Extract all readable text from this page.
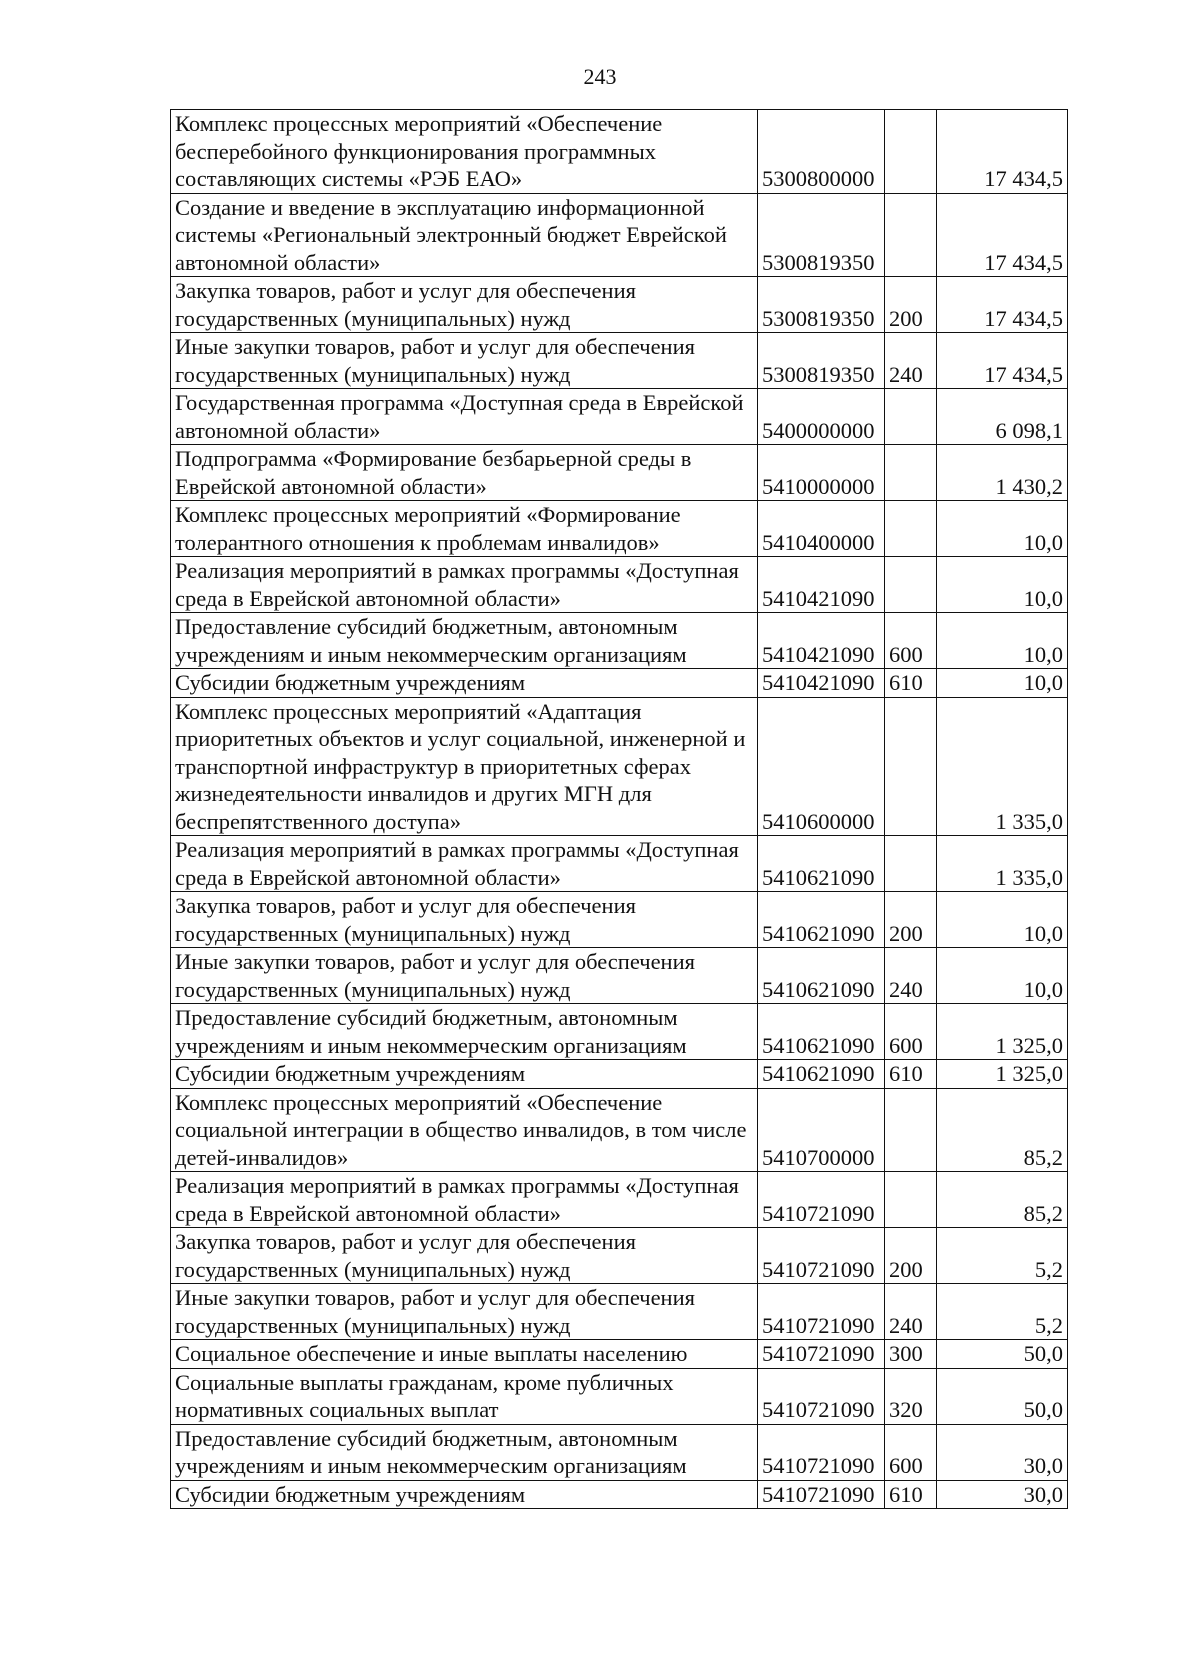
243
Комплекс процессных мероприятий «Обеспечение бесперебойного функционирования программных составляющих системы «РЭБ ЕАО»	5300800000		17 434,5
Создание и введение в эксплуатацию информационной системы «Региональный электронный бюджет Еврейской автономной области»	5300819350		17 434,5
Закупка товаров, работ и услуг для обеспечения государственных (муниципальных) нужд	5300819350	200	17 434,5
Иные закупки товаров, работ и услуг для обеспечения государственных (муниципальных) нужд	5300819350	240	17 434,5
Государственная программа «Доступная среда в Еврейской автономной области»	5400000000		6 098,1
Подпрограмма «Формирование безбарьерной среды в Еврейской автономной области»	5410000000		1 430,2
Комплекс процессных мероприятий «Формирование толерантного отношения к проблемам инвалидов»	5410400000		10,0
Реализация мероприятий в рамках программы «Доступная среда в Еврейской автономной области»	5410421090		10,0
Предоставление субсидий бюджетным, автономным учреждениям и иным некоммерческим организациям	5410421090	600	10,0
Субсидии бюджетным учреждениям	5410421090	610	10,0
Комплекс процессных мероприятий «Адаптация приоритетных объектов и услуг социальной, инженерной и транспортной инфраструктур в приоритетных сферах жизнедеятельности инвалидов и других МГН для беспрепятственного доступа»	5410600000		1 335,0
Реализация мероприятий в рамках программы «Доступная среда в Еврейской автономной области»	5410621090		1 335,0
Закупка товаров, работ и услуг для обеспечения государственных (муниципальных) нужд	5410621090	200	10,0
Иные закупки товаров, работ и услуг для обеспечения государственных (муниципальных) нужд	5410621090	240	10,0
Предоставление субсидий бюджетным, автономным учреждениям и иным некоммерческим организациям	5410621090	600	1 325,0
Субсидии бюджетным учреждениям	5410621090	610	1 325,0
Комплекс процессных мероприятий «Обеспечение социальной интеграции в общество инвалидов, в том числе детей-инвалидов»	5410700000		85,2
Реализация мероприятий в рамках программы «Доступная среда в Еврейской автономной области»	5410721090		85,2
Закупка товаров, работ и услуг для обеспечения государственных (муниципальных) нужд	5410721090	200	5,2
Иные закупки товаров, работ и услуг для обеспечения государственных (муниципальных) нужд	5410721090	240	5,2
Социальное обеспечение и иные выплаты населению	5410721090	300	50,0
Социальные выплаты гражданам, кроме публичных нормативных социальных выплат	5410721090	320	50,0
Предоставление субсидий бюджетным, автономным учреждениям и иным некоммерческим организациям	5410721090	600	30,0
Субсидии бюджетным учреждениям	5410721090	610	30,0
